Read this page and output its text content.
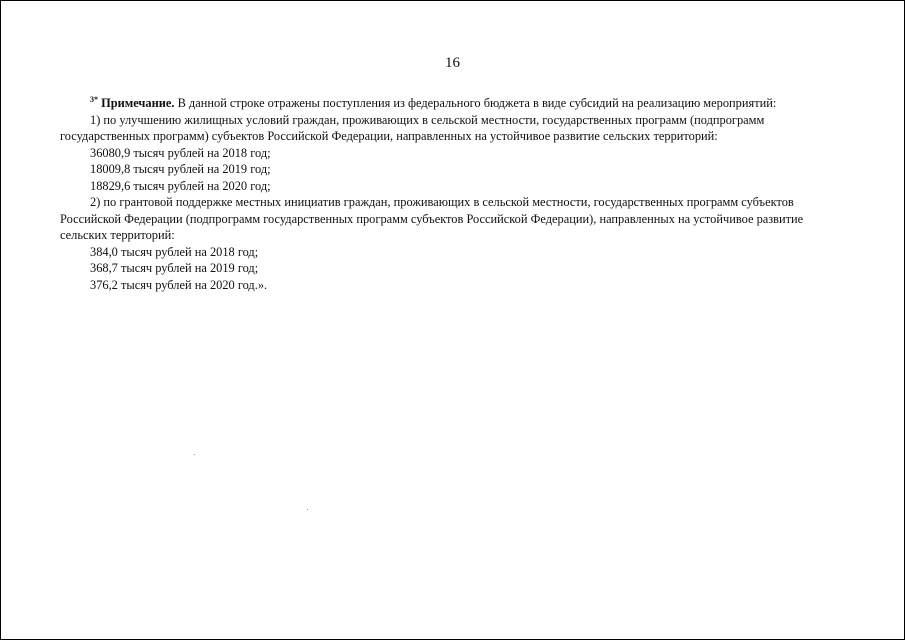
16

$^{3*}$ Примечание. В данной строке отражены поступления из федерального бюджета в виде субсидий на реализацию мероприятий:

1) по улучшению жилищных условий граждан, проживающих в сельской местности, государственных программ (подпрограмм государственных программ) субъектов Российской Федерации, направленных на устойчивое развитие сельских территорий:

36080,9 тысяч рублей на 2018 год;

18009,8 тысяч рублей на 2019 год;

18829,6 тысяч рублей на 2020 год;

2) по грантовой поддержке местных инициатив граждан, проживающих в сельской местности, государственных программ субъектов Российской Федерации (подпрограмм государственных программ субъектов Российской Федерации), направленных на устойчивое развитие сельских территорий:

384,0 тысяч рублей на 2018 год;

368,7 тысяч рублей на 2019 год;

376,2 тысяч рублей на 2020 год.».
